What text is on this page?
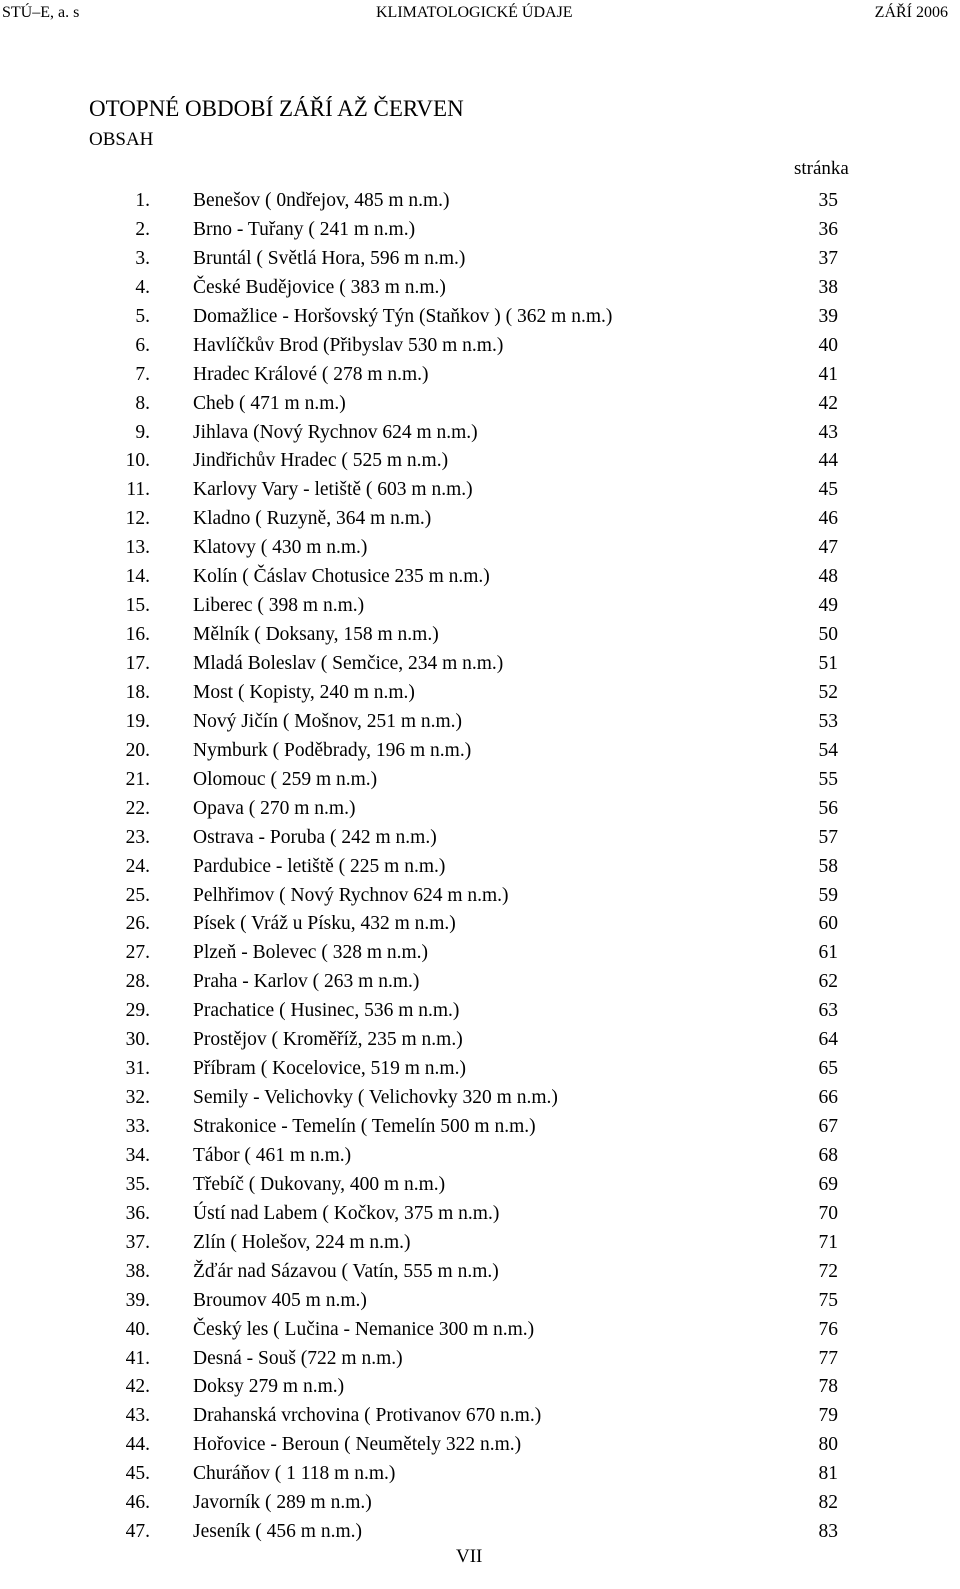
STÚ–E, a. s	KLIMATOLOGICKÉ ÚDAJE	ZÁŘÍ 2006
OTOPNÉ OBDOBÍ ZÁŘÍ AŽ ČERVEN
OBSAH
stránka
1. Benešov ( 0ndřejov, 485 m n.m.)	35
2. Brno - Tuřany ( 241 m n.m.)	36
3. Bruntál ( Světlá Hora, 596 m n.m.)	37
4. České Budějovice ( 383 m n.m.)	38
5. Domažlice - Horšovský Týn (Staňkov ) ( 362 m n.m.)	39
6. Havlíčkův Brod (Přibyslav 530 m n.m.)	40
7. Hradec Králové ( 278 m n.m.)	41
8. Cheb ( 471 m n.m.)	42
9. Jihlava (Nový Rychnov 624 m n.m.)	43
10. Jindřichův Hradec ( 525 m n.m.)	44
11. Karlovy Vary - letiště ( 603 m n.m.)	45
12. Kladno ( Ruzyně, 364 m n.m.)	46
13. Klatovy ( 430 m n.m.)	47
14. Kolín ( Čáslav Chotusice 235 m n.m.)	48
15. Liberec ( 398 m n.m.)	49
16. Mělník ( Doksany, 158 m n.m.)	50
17. Mladá Boleslav ( Semčice, 234 m n.m.)	51
18. Most ( Kopisty, 240 m n.m.)	52
19. Nový Jičín ( Mošnov, 251 m n.m.)	53
20. Nymburk ( Poděbrady, 196 m n.m.)	54
21. Olomouc ( 259 m n.m.)	55
22. Opava ( 270 m n.m.)	56
23. Ostrava - Poruba ( 242 m n.m.)	57
24. Pardubice - letiště ( 225 m n.m.)	58
25. Pelhřimov ( Nový Rychnov 624 m n.m.)	59
26. Písek ( Vráž u Písku, 432 m n.m.)	60
27. Plzeň - Bolevec ( 328 m n.m.)	61
28. Praha - Karlov ( 263 m n.m.)	62
29. Prachatice ( Husinec, 536 m n.m.)	63
30. Prostějov ( Kroměříž, 235 m n.m.)	64
31. Příbram ( Kocelovice, 519 m n.m.)	65
32. Semily - Velichovky ( Velichovky 320 m n.m.)	66
33. Strakonice - Temelín ( Temelín 500 m n.m.)	67
34. Tábor ( 461 m n.m.)	68
35. Třebíč ( Dukovany, 400 m n.m.)	69
36. Ústí nad Labem ( Kočkov, 375 m n.m.)	70
37. Zlín ( Holešov, 224 m n.m.)	71
38. Žďár nad Sázavou ( Vatín, 555 m n.m.)	72
39. Broumov 405 m n.m.)	75
40. Český les ( Lučina - Nemanice 300 m n.m.)	76
41. Desná - Souš (722 m n.m.)	77
42. Doksy 279 m n.m.)	78
43. Drahanská vrchovina ( Protivanov 670 n.m.)	79
44. Hořovice - Beroun ( Neumětely 322 n.m.)	80
45. Churáňov ( 1 118 m n.m.)	81
46. Javorník ( 289 m n.m.)	82
47. Jeseník ( 456 m n.m.)	83
VII
